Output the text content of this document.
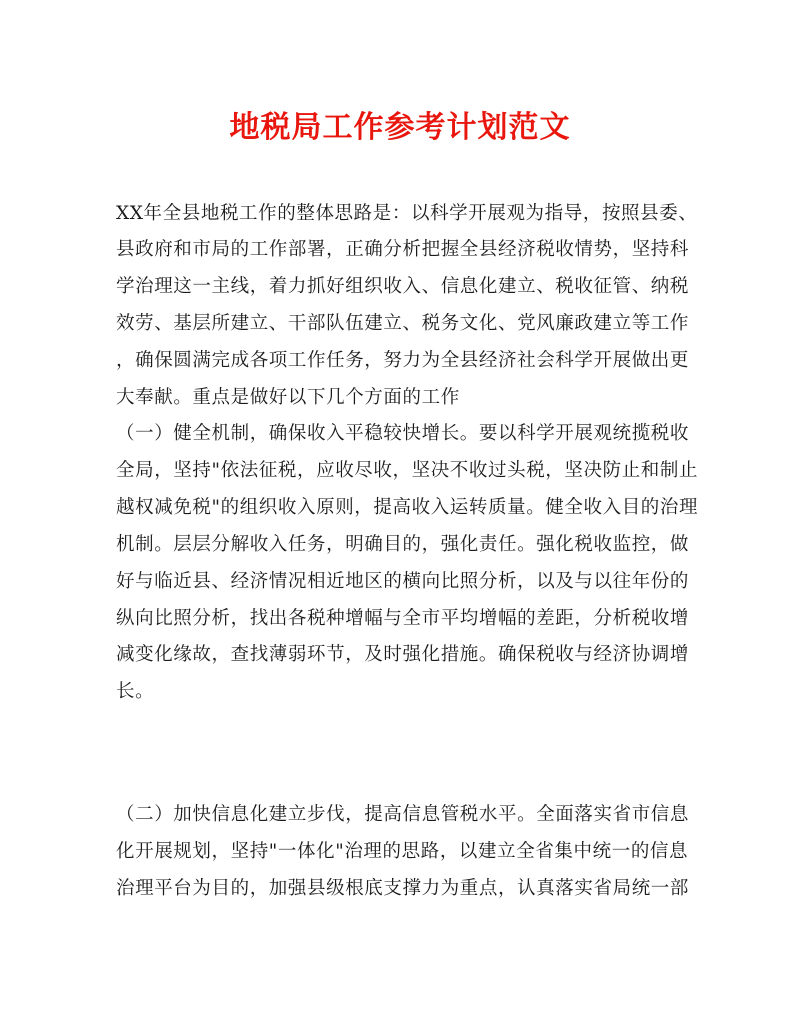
地税局工作参考计划范文
XX年全县地税工作的整体思路是：以科学开展观为指导，按照县委、
县政府和市局的工作部署，正确分析把握全县经济税收情势，坚持科
学治理这一主线，着力抓好组织收入、信息化建立、税收征管、纳税
效劳、基层所建立、干部队伍建立、税务文化、党风廉政建立等工作
，确保圆满完成各项工作任务，努力为全县经济社会科学开展做出更
大奉献。重点是做好以下几个方面的工作
（一）健全机制，确保收入平稳较快增长。要以科学开展观统揽税收
全局，坚持"依法征税，应收尽收，坚决不收过头税，坚决防止和制止
越权减免税"的组织收入原则，提高收入运转质量。健全收入目的治理
机制。层层分解收入任务，明确目的，强化责任。强化税收监控，做
好与临近县、经济情况相近地区的横向比照分析，以及与以往年份的
纵向比照分析，找出各税种增幅与全市平均增幅的差距，分析税收增
减变化缘故，查找薄弱环节，及时强化措施。确保税收与经济协调增
长。
（二）加快信息化建立步伐，提高信息管税水平。全面落实省市信息
化开展规划，坚持"一体化"治理的思路，以建立全省集中统一的信息
治理平台为目的，加强县级根底支撑力为重点，认真落实省局统一部
